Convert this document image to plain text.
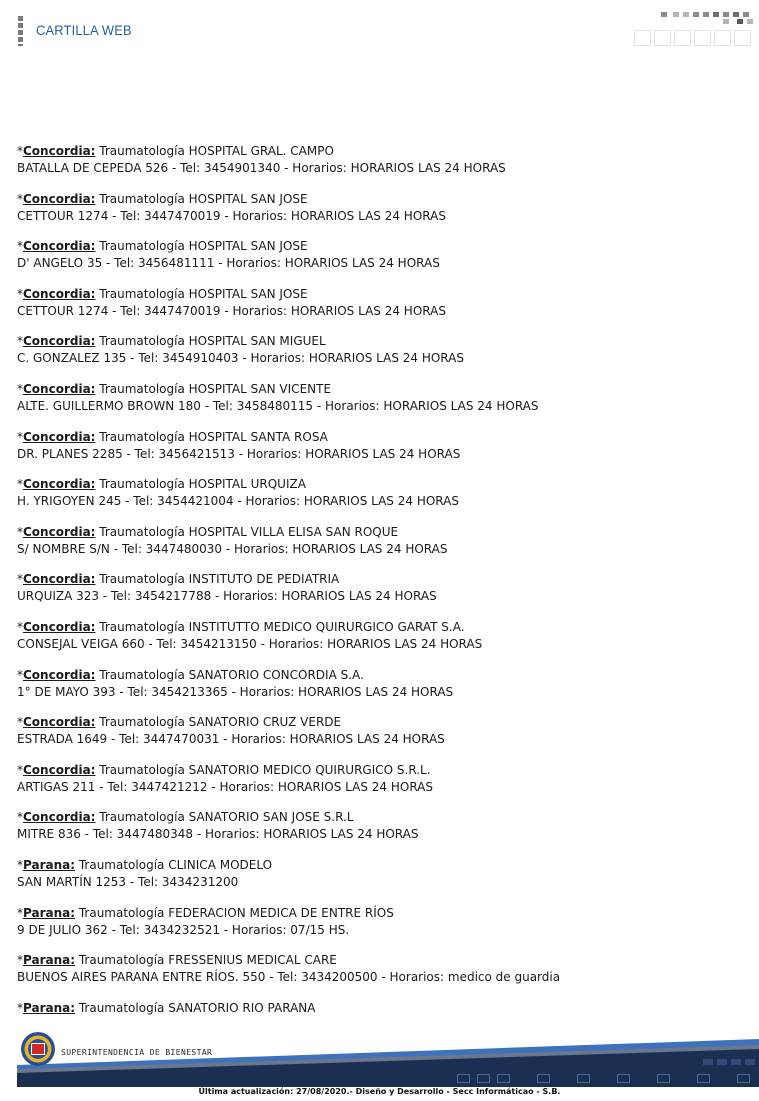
CARTILLA WEB
*Concordia: Traumatología HOSPITAL GRAL. CAMPO
BATALLA DE CEPEDA 526 - Tel: 3454901340 - Horarios: HORARIOS LAS 24 HORAS
*Concordia: Traumatología HOSPITAL SAN JOSE
CETTOUR 1274 - Tel: 3447470019 - Horarios: HORARIOS LAS 24 HORAS
*Concordia: Traumatología HOSPITAL SAN JOSE
D' ANGELO 35 - Tel: 3456481111 - Horarios: HORARIOS LAS 24 HORAS
*Concordia: Traumatología HOSPITAL SAN JOSE
CETTOUR 1274 - Tel: 3447470019 - Horarios: HORARIOS LAS 24 HORAS
*Concordia: Traumatología HOSPITAL SAN MIGUEL
C. GONZALEZ 135 - Tel: 3454910403 - Horarios: HORARIOS LAS 24 HORAS
*Concordia: Traumatología HOSPITAL SAN VICENTE
ALTE. GUILLERMO BROWN 180 - Tel: 3458480115 - Horarios: HORARIOS LAS 24 HORAS
*Concordia: Traumatología HOSPITAL SANTA ROSA
DR. PLANES 2285 - Tel: 3456421513 - Horarios: HORARIOS LAS 24 HORAS
*Concordia: Traumatología HOSPITAL URQUIZA
H. YRIGOYEN 245 - Tel: 3454421004 - Horarios: HORARIOS LAS 24 HORAS
*Concordia: Traumatología HOSPITAL VILLA ELISA SAN ROQUE
S/ NOMBRE S/N - Tel: 3447480030 - Horarios: HORARIOS LAS 24 HORAS
*Concordia: Traumatología INSTITUTO DE PEDIATRIA
URQUIZA 323 - Tel: 3454217788 - Horarios: HORARIOS LAS 24 HORAS
*Concordia: Traumatología INSTITUTTO MEDICO QUIRURGICO GARAT S.A.
CONSEJAL VEIGA 660 - Tel: 3454213150 - Horarios: HORARIOS LAS 24 HORAS
*Concordia: Traumatología SANATORIO CONCORDIA S.A.
1° DE MAYO 393 - Tel: 3454213365 - Horarios: HORARIOS LAS 24 HORAS
*Concordia: Traumatología SANATORIO CRUZ VERDE
ESTRADA 1649 - Tel: 3447470031 - Horarios: HORARIOS LAS 24 HORAS
*Concordia: Traumatología SANATORIO MEDICO QUIRURGICO S.R.L.
ARTIGAS 211 - Tel: 3447421212 - Horarios: HORARIOS LAS 24 HORAS
*Concordia: Traumatología SANATORIO SAN JOSE S.R.L
MITRE 836 - Tel: 3447480348 - Horarios: HORARIOS LAS 24 HORAS
*Parana: Traumatología CLINICA MODELO
SAN MARTÍN 1253 - Tel: 3434231200
*Parana: Traumatología FEDERACION MEDICA DE ENTRE RÍOS
9 DE JULIO 362 - Tel: 3434232521 - Horarios: 07/15 HS.
*Parana: Traumatología FRESSENIUS MEDICAL CARE
BUENOS AIRES PARANA ENTRE RÍOS. 550 - Tel: 3434200500 - Horarios: medico de guardia
*Parana: Traumatología SANATORIO RIO PARANA
SUPERINTENDENCIA DE BIENESTAR
Última actualización: 27/08/2020.- Diseño y Desarrollo - Secc Informáticao - S.B.
